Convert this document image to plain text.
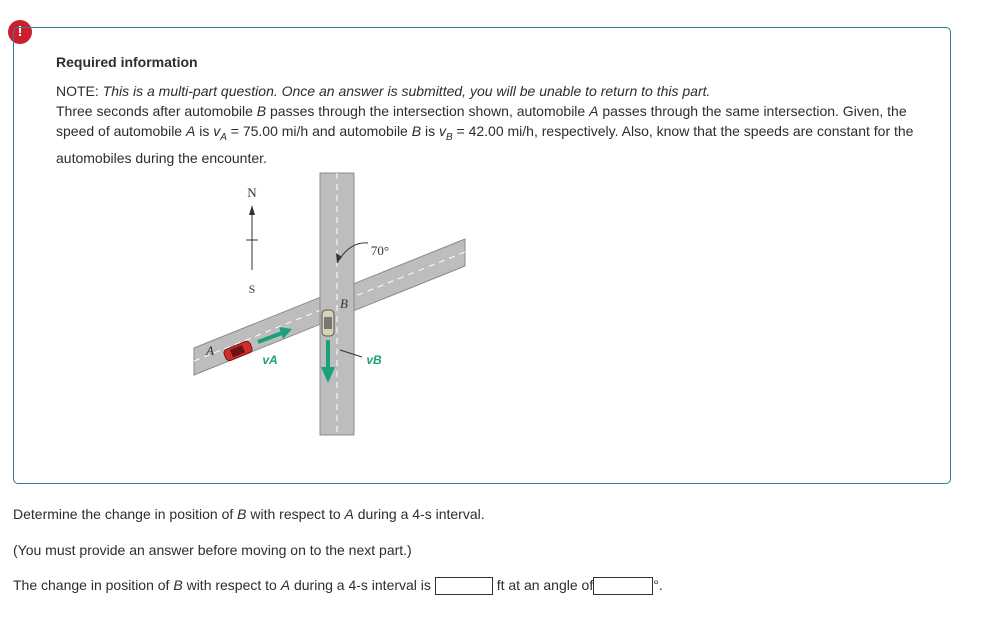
!
Required information

NOTE: This is a multi-part question. Once an answer is submitted, you will be unable to return to this part.

Three seconds after automobile B passes through the intersection shown, automobile A passes through the same intersection. Given, the speed of automobile A is $v_A = 75.00$ mi/h and automobile B is $v_B = 42.00$ mi/h, respectively. Also, know that the speeds are constant for the automobiles during the encounter.

N
S
70°
B
vB
A
vA
Determine the change in position of B with respect to A during a 4-s interval.
(You must provide an answer before moving on to the next part.)
The change in position of B with respect to A during a 4-s interval is	ft at an angle of	°.
